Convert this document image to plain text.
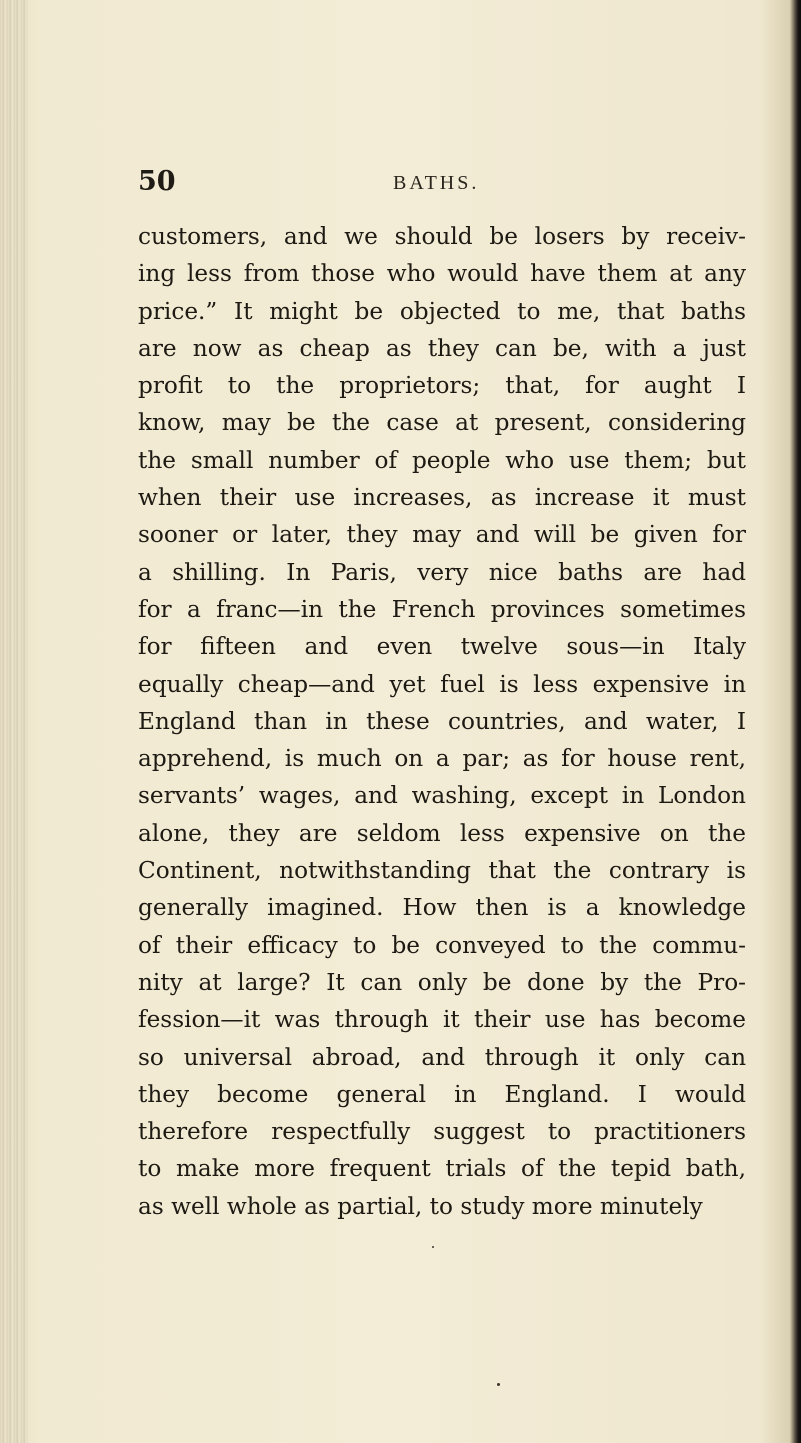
50	BATHS.
customers, and we should be losers by receiv-
ing less from those who would have them at any
price.” It might be objected to me, that baths
are now as cheap as they can be, with a just
profit to the proprietors; that, for aught I
know, may be the case at present, considering
the small number of people who use them; but
when their use increases, as increase it must
sooner or later, they may and will be given for
a shilling. In Paris, very nice baths are had
for a franc—in the French provinces sometimes
for fifteen and even twelve sous—in Italy
equally cheap—and yet fuel is less expensive in
England than in these countries, and water, I
apprehend, is much on a par; as for house rent,
servants’ wages, and washing, except in London
alone, they are seldom less expensive on the
Continent, notwithstanding that the contrary is
generally imagined. How then is a knowledge
of their efficacy to be conveyed to the commu-
nity at large? It can only be done by the Pro-
fession—it was through it their use has become
so universal abroad, and through it only can
they become general in England. I would
therefore respectfully suggest to practitioners
to make more frequent trials of the tepid bath,
as well whole as partial, to study more minutely
